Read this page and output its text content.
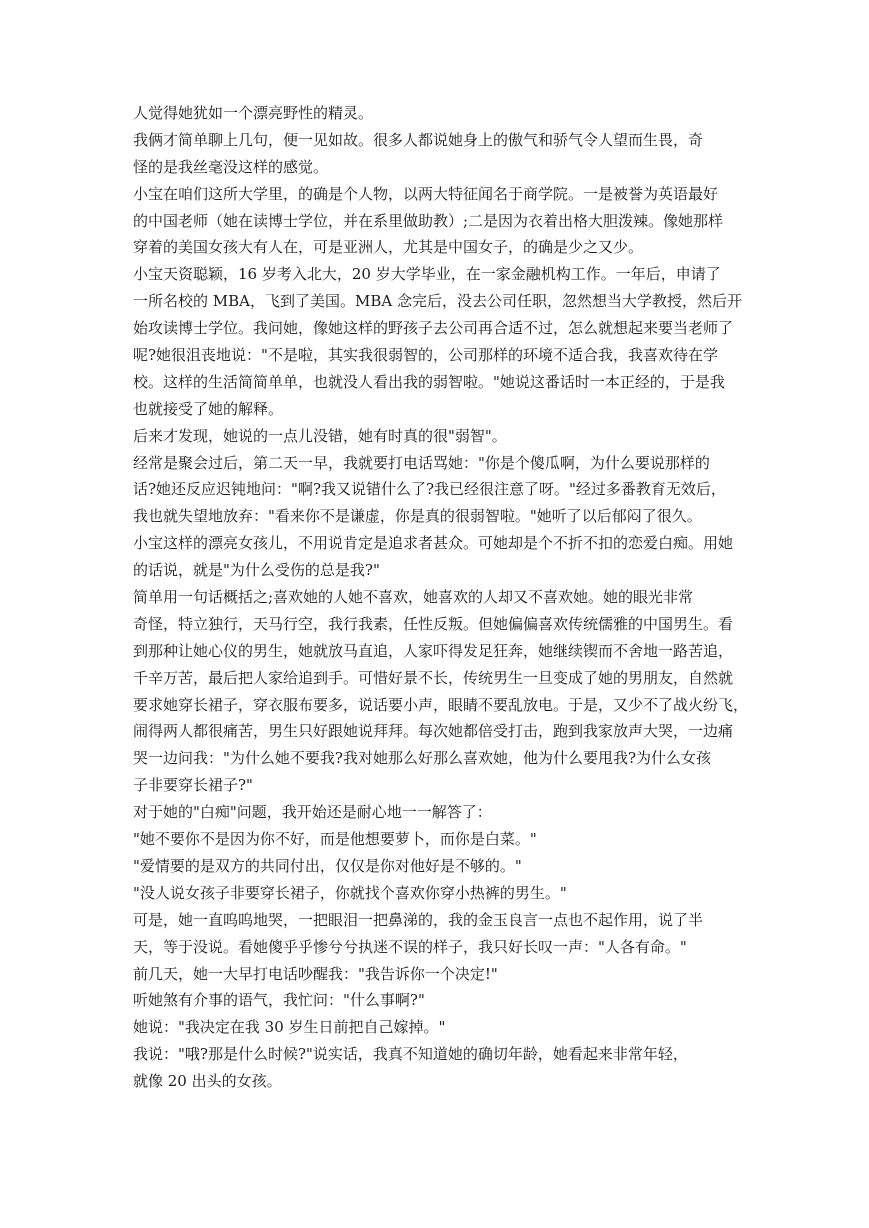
人觉得她犹如一个漂亮野性的精灵。
我俩才简单聊上几句，便一见如故。很多人都说她身上的傲气和骄气令人望而生畏，奇
怪的是我丝毫没这样的感觉。
小宝在咱们这所大学里，的确是个人物，以两大特征闻名于商学院。一是被誉为英语最好
的中国老师（她在读博士学位，并在系里做助教）;二是因为衣着出格大胆泼辣。像她那样
穿着的美国女孩大有人在，可是亚洲人，尤其是中国女子，的确是少之又少。
小宝天资聪颖，16 岁考入北大，20 岁大学毕业，在一家金融机构工作。一年后，申请了
一所名校的 MBA，飞到了美国。MBA 念完后，没去公司任职，忽然想当大学教授，然后开
始攻读博士学位。我问她，像她这样的野孩子去公司再合适不过，怎么就想起来要当老师了
呢?她很沮丧地说："不是啦，其实我很弱智的，公司那样的环境不适合我，我喜欢待在学
校。这样的生活简简单单，也就没人看出我的弱智啦。"她说这番话时一本正经的，于是我
也就接受了她的解释。
后来才发现，她说的一点儿没错，她有时真的很"弱智"。
经常是聚会过后，第二天一早，我就要打电话骂她："你是个傻瓜啊，为什么要说那样的
话?她还反应迟钝地问："啊?我又说错什么了?我已经很注意了呀。"经过多番教育无效后，
我也就失望地放弃："看来你不是谦虚，你是真的很弱智啦。"她听了以后郁闷了很久。
小宝这样的漂亮女孩儿，不用说肯定是追求者甚众。可她却是个不折不扣的恋爱白痴。用她
的话说，就是"为什么受伤的总是我?"
简单用一句话概括之;喜欢她的人她不喜欢，她喜欢的人却又不喜欢她。她的眼光非常
奇怪，特立独行，天马行空，我行我素，任性反叛。但她偏偏喜欢传统儒雅的中国男生。看
到那种让她心仪的男生，她就放马直追，人家吓得发足狂奔，她继续锲而不舍地一路苦追，
千辛万苦，最后把人家给追到手。可惜好景不长，传统男生一旦变成了她的男朋友，自然就
要求她穿长裙子，穿衣服布要多，说话要小声，眼睛不要乱放电。于是，又少不了战火纷飞，
闹得两人都很痛苦，男生只好跟她说拜拜。每次她都倍受打击，跑到我家放声大哭，一边痛
哭一边问我："为什么她不要我?我对她那么好那么喜欢她，他为什么要甩我?为什么女孩
子非要穿长裙子?"
对于她的"白痴"问题，我开始还是耐心地一一解答了：
"她不要你不是因为你不好，而是他想要萝卜，而你是白菜。"
"爱情要的是双方的共同付出，仅仅是你对他好是不够的。"
"没人说女孩子非要穿长裙子，你就找个喜欢你穿小热裤的男生。"
可是，她一直呜呜地哭，一把眼泪一把鼻涕的，我的金玉良言一点也不起作用，说了半
天，等于没说。看她傻乎乎惨兮兮执迷不误的样子，我只好长叹一声："人各有命。"
前几天，她一大早打电话吵醒我："我告诉你一个决定!"
听她煞有介事的语气，我忙问："什么事啊?"
她说："我决定在我 30 岁生日前把自己嫁掉。"
我说："哦?那是什么时候?"说实话，我真不知道她的确切年龄，她看起来非常年轻，
就像 20 出头的女孩。
